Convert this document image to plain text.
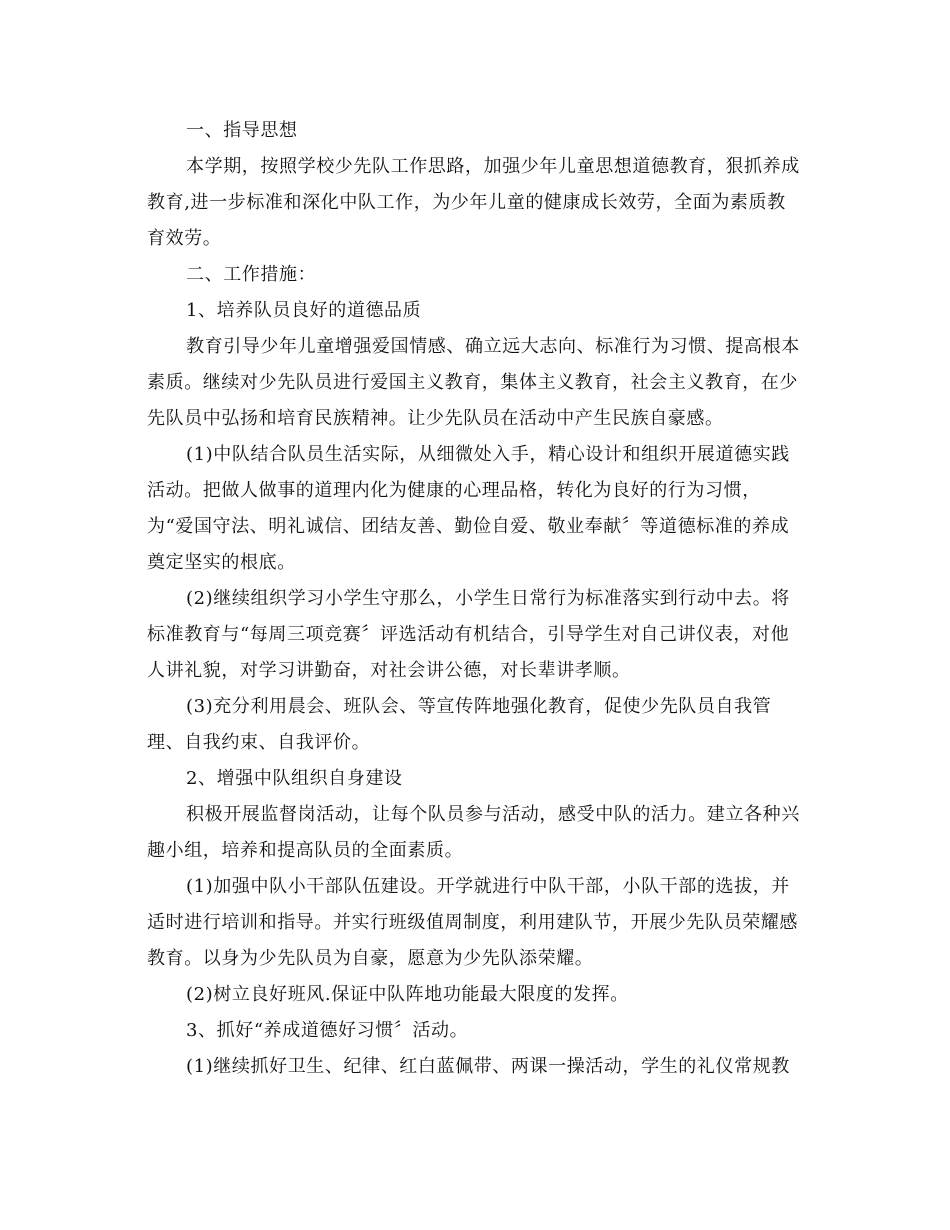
一、指导思想

本学期，按照学校少先队工作思路，加强少年儿童思想道德教育，狠抓养成

教育,进一步标准和深化中队工作，为少年儿童的健康成长效劳，全面为素质教

育效劳。

二、工作措施：

1、培养队员良好的道德品质

教育引导少年儿童增强爱国情感、确立远大志向、标准行为习惯、提高根本

素质。继续对少先队员进行爱国主义教育，集体主义教育，社会主义教育，在少

先队员中弘扬和培育民族精神。让少先队员在活动中产生民族自豪感。

(1)中队结合队员生活实际，从细微处入手，精心设计和组织开展道德实践

活动。把做人做事的道理内化为健康的心理品格，转化为良好的行为习惯，

为“爱国守法、明礼诚信、团结友善、勤俭自爱、敬业奉献〞等道德标准的养成

奠定坚实的根底。

(2)继续组织学习小学生守那么，小学生日常行为标准落实到行动中去。将

标准教育与“每周三项竞赛〞评选活动有机结合，引导学生对自己讲仪表，对他

人讲礼貌，对学习讲勤奋，对社会讲公德，对长辈讲孝顺。

(3)充分利用晨会、班队会、等宣传阵地强化教育，促使少先队员自我管

理、自我约束、自我评价。

2、增强中队组织自身建设

积极开展监督岗活动，让每个队员参与活动，感受中队的活力。建立各种兴

趣小组，培养和提高队员的全面素质。

(1)加强中队小干部队伍建设。开学就进行中队干部，小队干部的选拔，并

适时进行培训和指导。并实行班级值周制度，利用建队节，开展少先队员荣耀感

教育。以身为少先队员为自豪，愿意为少先队添荣耀。

(2)树立良好班风.保证中队阵地功能最大限度的发挥。

3、抓好“养成道德好习惯〞活动。

(1)继续抓好卫生、纪律、红白蓝佩带、两课一操活动，学生的礼仪常规教
